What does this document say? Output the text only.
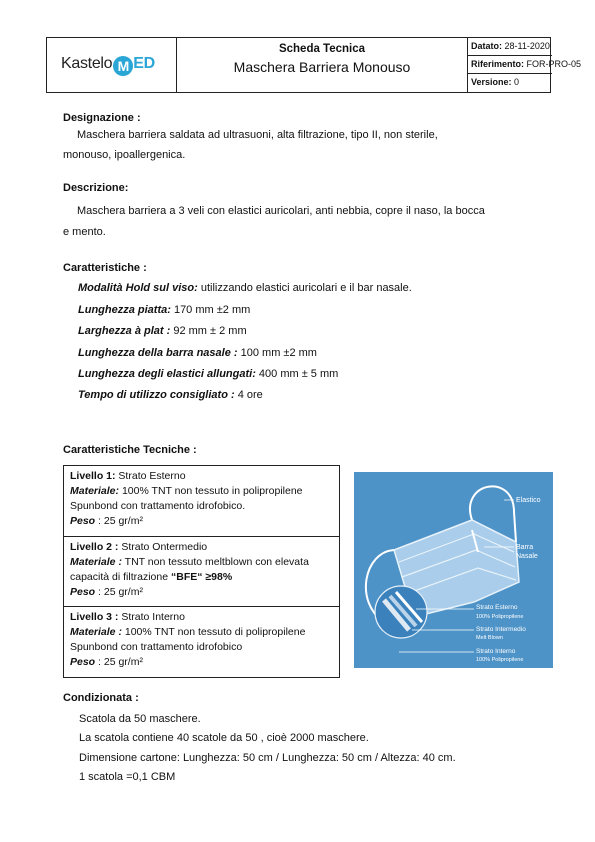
Kastelo M ED
Scheda Tecnica
Maschera Barriera Monouso
Datato: 28-11-2020
Riferimento: FOR-PRO-05
Versione: 0
Designazione :
Maschera barriera saldata ad ultrasuoni, alta filtrazione, tipo II, non sterile,
monouso, ipoallergenica.
Descrizione:
Maschera barriera a 3 veli con elastici auricolari, anti nebbia, copre il naso, la bocca
e mento.
Caratteristiche :
Modalità Hold sul viso: utilizzando elastici auricolari e il bar nasale.
Lunghezza piatta: 170 mm ±2 mm
Larghezza à plat : 92 mm ± 2 mm
Lunghezza della barra nasale : 100 mm ±2 mm
Lunghezza degli elastici allungati: 400 mm ± 5 mm
Tempo di utilizzo consigliato : 4 ore
Caratteristiche Tecniche :
Livello 1: Strato Esterno
Materiale: 100% TNT non tessuto in polipropilene Spunbond con trattamento idrofobico.
Peso : 25 gr/m²
Livello 2 : Strato Ontermedio
Materiale : TNT non tessuto meltblown con elevata capacità di filtrazione “BFE“ ≥98%
Peso : 25 gr/m²
Livello 3 : Strato Interno
Materiale : 100% TNT non tessuto di polipropilene Spunbond con trattamento idrofobico
Peso : 25 gr/m²
Elastico
Barra
Nasale
Strato Esterno
100% Polipropilene
Strato Intermedio
Melt Blown
Strato Interno
100% Polipropilene
Condizionata :
Scatola da 50 maschere.
La scatola contiene 40 scatole da 50 , cioè 2000 maschere.
Dimensione cartone: Lunghezza: 50 cm / Lunghezza: 50 cm / Altezza: 40 cm.
1 scatola =0,1 CBM
